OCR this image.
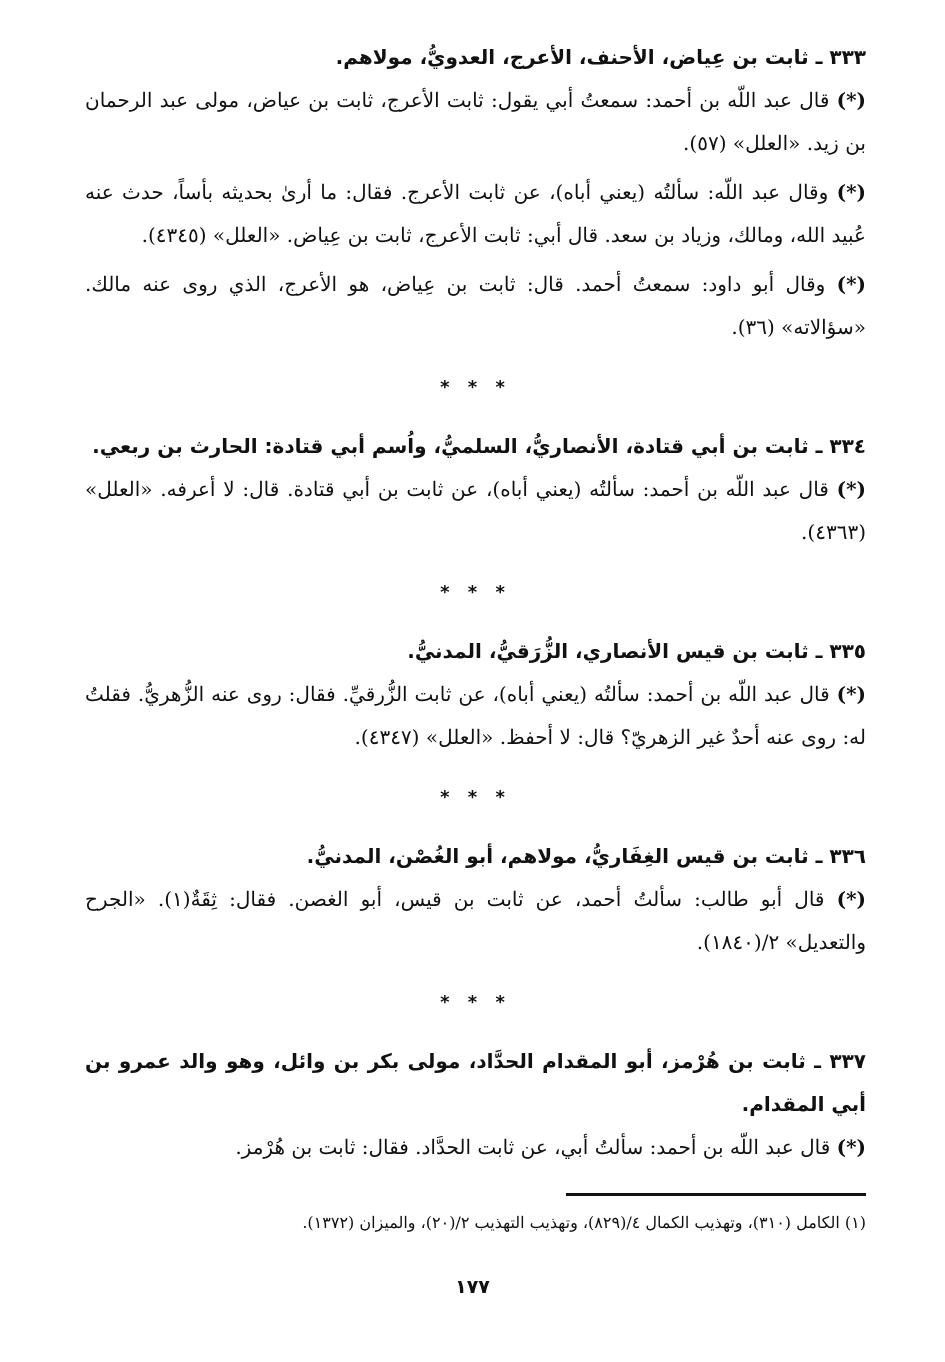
٣٣٣ ـ ثابت بن عِياض، الأحنف، الأعرج، العدويُّ، مولاهم.

(*) قال عبد اللّه بن أحمد: سمعتُ أبي يقول: ثابت الأعرج، ثابت بن عياض، مولى عبد الرحمان بن زيد. «العلل» (٥٧).

(*) وقال عبد اللّه: سألتُه (يعني أباه)، عن ثابت الأعرج. فقال: ما أرىٰ بحديثه بأساً، حدث عنه عُبيد الله، ومالك، وزياد بن سعد. قال أبي: ثابت الأعرج، ثابت بن عِياض. «العلل» (٤٣٤٥).

(*) وقال أبو داود: سمعتُ أحمد. قال: ثابت بن عِياض، هو الأعرج، الذي روى عنه مالك. «سؤالاته» (٣٦).

* * *

٣٣٤ ـ ثابت بن أبي قتادة، الأنصاريُّ، السلميُّ، واُسم أبي قتادة: الحارث بن ربعي.

(*) قال عبد اللّه بن أحمد: سألتُه (يعني أباه)، عن ثابت بن أبي قتادة. قال: لا أعرفه. «العلل» (٤٣٦٣).

* * *

٣٣٥ ـ ثابت بن قيس الأنصاري، الزُّرَقيُّ، المدنيُّ.

(*) قال عبد اللّه بن أحمد: سألتُه (يعني أباه)، عن ثابت الزُّرقيِّ. فقال: روى عنه الزُّهريُّ. فقلتُ له: روى عنه أحدٌ غير الزهريّ؟ قال: لا أحفظ. «العلل» (٤٣٤٧).

* * *

٣٣٦ ـ ثابت بن قيس الغِفَاريُّ، مولاهم، أبو الغُصْن، المدنيُّ.

(*) قال أبو طالب: سألتُ أحمد، عن ثابت بن قيس، أبو الغصن. فقال: ثِقَةٌ(١). «الجرح والتعديل» ٢/(١٨٤٠).

* * *

٣٣٧ ـ ثابت بن هُرْمز، أبو المقدام الحدَّاد، مولى بكر بن وائل، وهو والد عمرو بن أبي المقدام.

(*) قال عبد اللّه بن أحمد: سألتُ أبي، عن ثابت الحدَّاد. فقال: ثابت بن هُرْمز.

(١) الكامل (٣١٠)، وتهذيب الكمال ٤/(٨٢٩)، وتهذيب التهذيب ٢/(٢٠)، والميزان (١٣٧٢).
١٧٧
